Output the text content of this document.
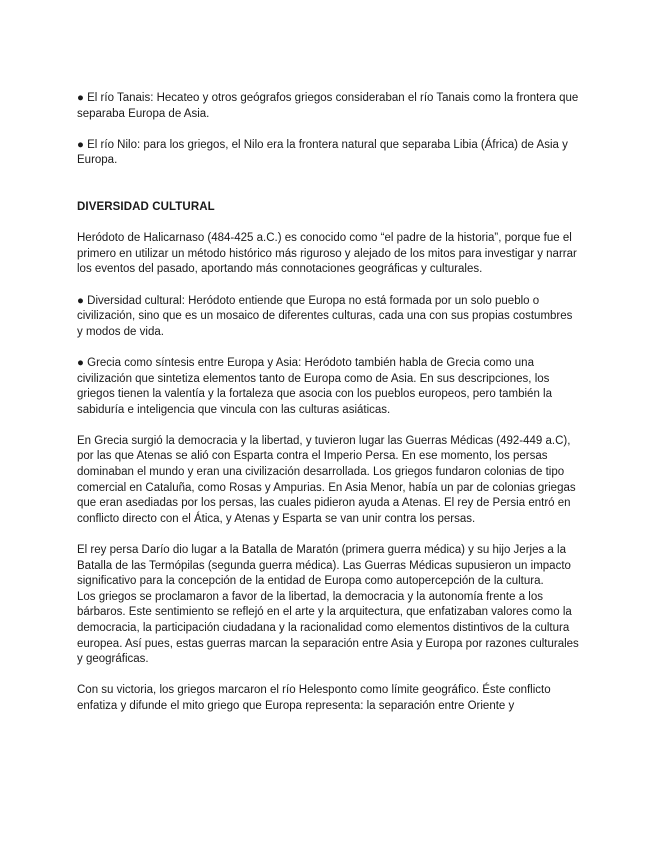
● El río Tanais: Hecateo y otros geógrafos griegos consideraban el río Tanais como la frontera que separaba Europa de Asia.

● El río Nilo: para los griegos, el Nilo era la frontera natural que separaba Libia (África) de Asia y Europa.

DIVERSIDAD CULTURAL

Heródoto de Halicarnaso (484-425 a.C.) es conocido como “el padre de la historia”, porque fue el primero en utilizar un método histórico más riguroso y alejado de los mitos para investigar y narrar los eventos del pasado, aportando más connotaciones geográficas y culturales.

● Diversidad cultural: Heródoto entiende que Europa no está formada por un solo pueblo o civilización, sino que es un mosaico de diferentes culturas, cada una con sus propias costumbres y modos de vida.

● Grecia como síntesis entre Europa y Asia: Heródoto también habla de Grecia como una civilización que sintetiza elementos tanto de Europa como de Asia. En sus descripciones, los griegos tienen la valentía y la fortaleza que asocia con los pueblos europeos, pero también la sabiduría e inteligencia que vincula con las culturas asiáticas.

En Grecia surgió la democracia y la libertad, y tuvieron lugar las Guerras Médicas (492-449 a.C), por las que Atenas se alió con Esparta contra el Imperio Persa. En ese momento, los persas dominaban el mundo y eran una civilización desarrollada. Los griegos fundaron colonias de tipo comercial en Cataluña, como Rosas y Ampurias. En Asia Menor, había un par de colonias griegas que eran asediadas por los persas, las cuales pidieron ayuda a Atenas. El rey de Persia entró en conflicto directo con el Ática, y Atenas y Esparta se van unir contra los persas.

El rey persa Darío dio lugar a la Batalla de Maratón (primera guerra médica) y su hijo Jerjes a la Batalla de las Termópilas (segunda guerra médica). Las Guerras Médicas supusieron un impacto significativo para la concepción de la entidad de Europa como autopercepción de la cultura.

Los griegos se proclamaron a favor de la libertad, la democracia y la autonomía frente a los bárbaros. Este sentimiento se reflejó en el arte y la arquitectura, que enfatizaban valores como la democracia, la participación ciudadana y la racionalidad como elementos distintivos de la cultura europea. Así pues, estas guerras marcan la separación entre Asia y Europa por razones culturales y geográficas.

Con su victoria, los griegos marcaron el río Helesponto como límite geográfico. Éste conflicto enfatiza y difunde el mito griego que Europa representa: la separación entre Oriente y
